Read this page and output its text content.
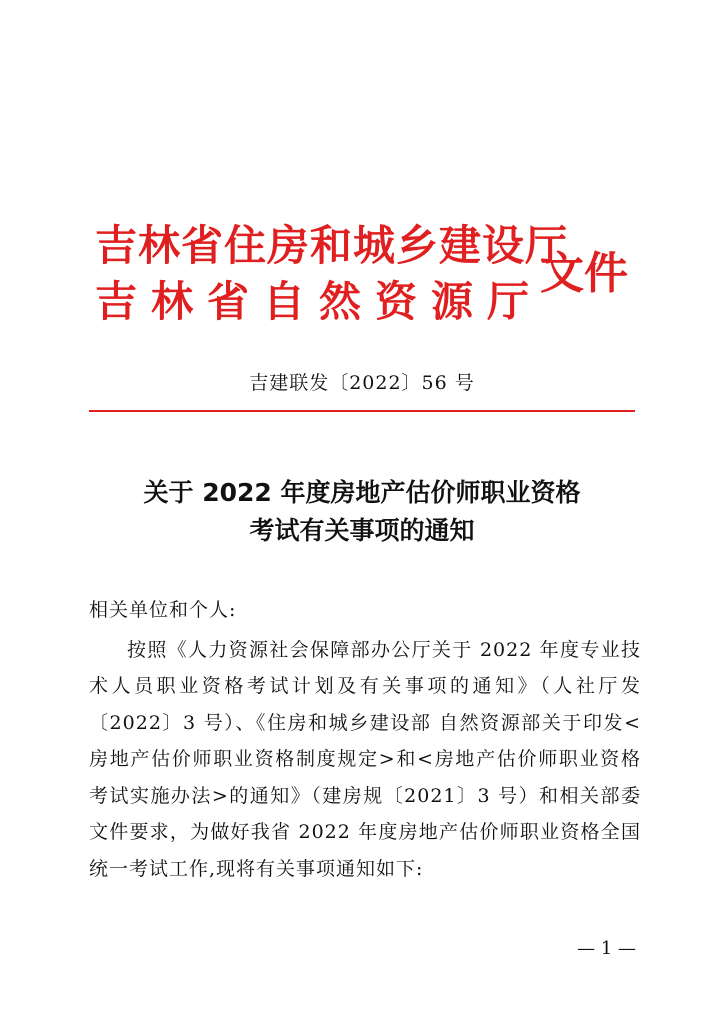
吉林省住房和城乡建设厅
吉林省自然资源厅
文件
吉建联发〔2022〕56 号
关于 2022 年度房地产估价师职业资格
考试有关事项的通知

相关单位和个人:

按照《人力资源社会保障部办公厅关于 2022 年度专业技术人员职业资格考试计划及有关事项的通知》（人社厅发〔2022〕3 号）、《住房和城乡建设部 自然资源部关于印发<房地产估价师职业资格制度规定>和<房地产估价师职业资格考试实施办法>的通知》（建房规〔2021〕3 号）和相关部委文件要求，为做好我省 2022 年度房地产估价师职业资格全国统一考试工作,现将有关事项通知如下:

— 1 —
